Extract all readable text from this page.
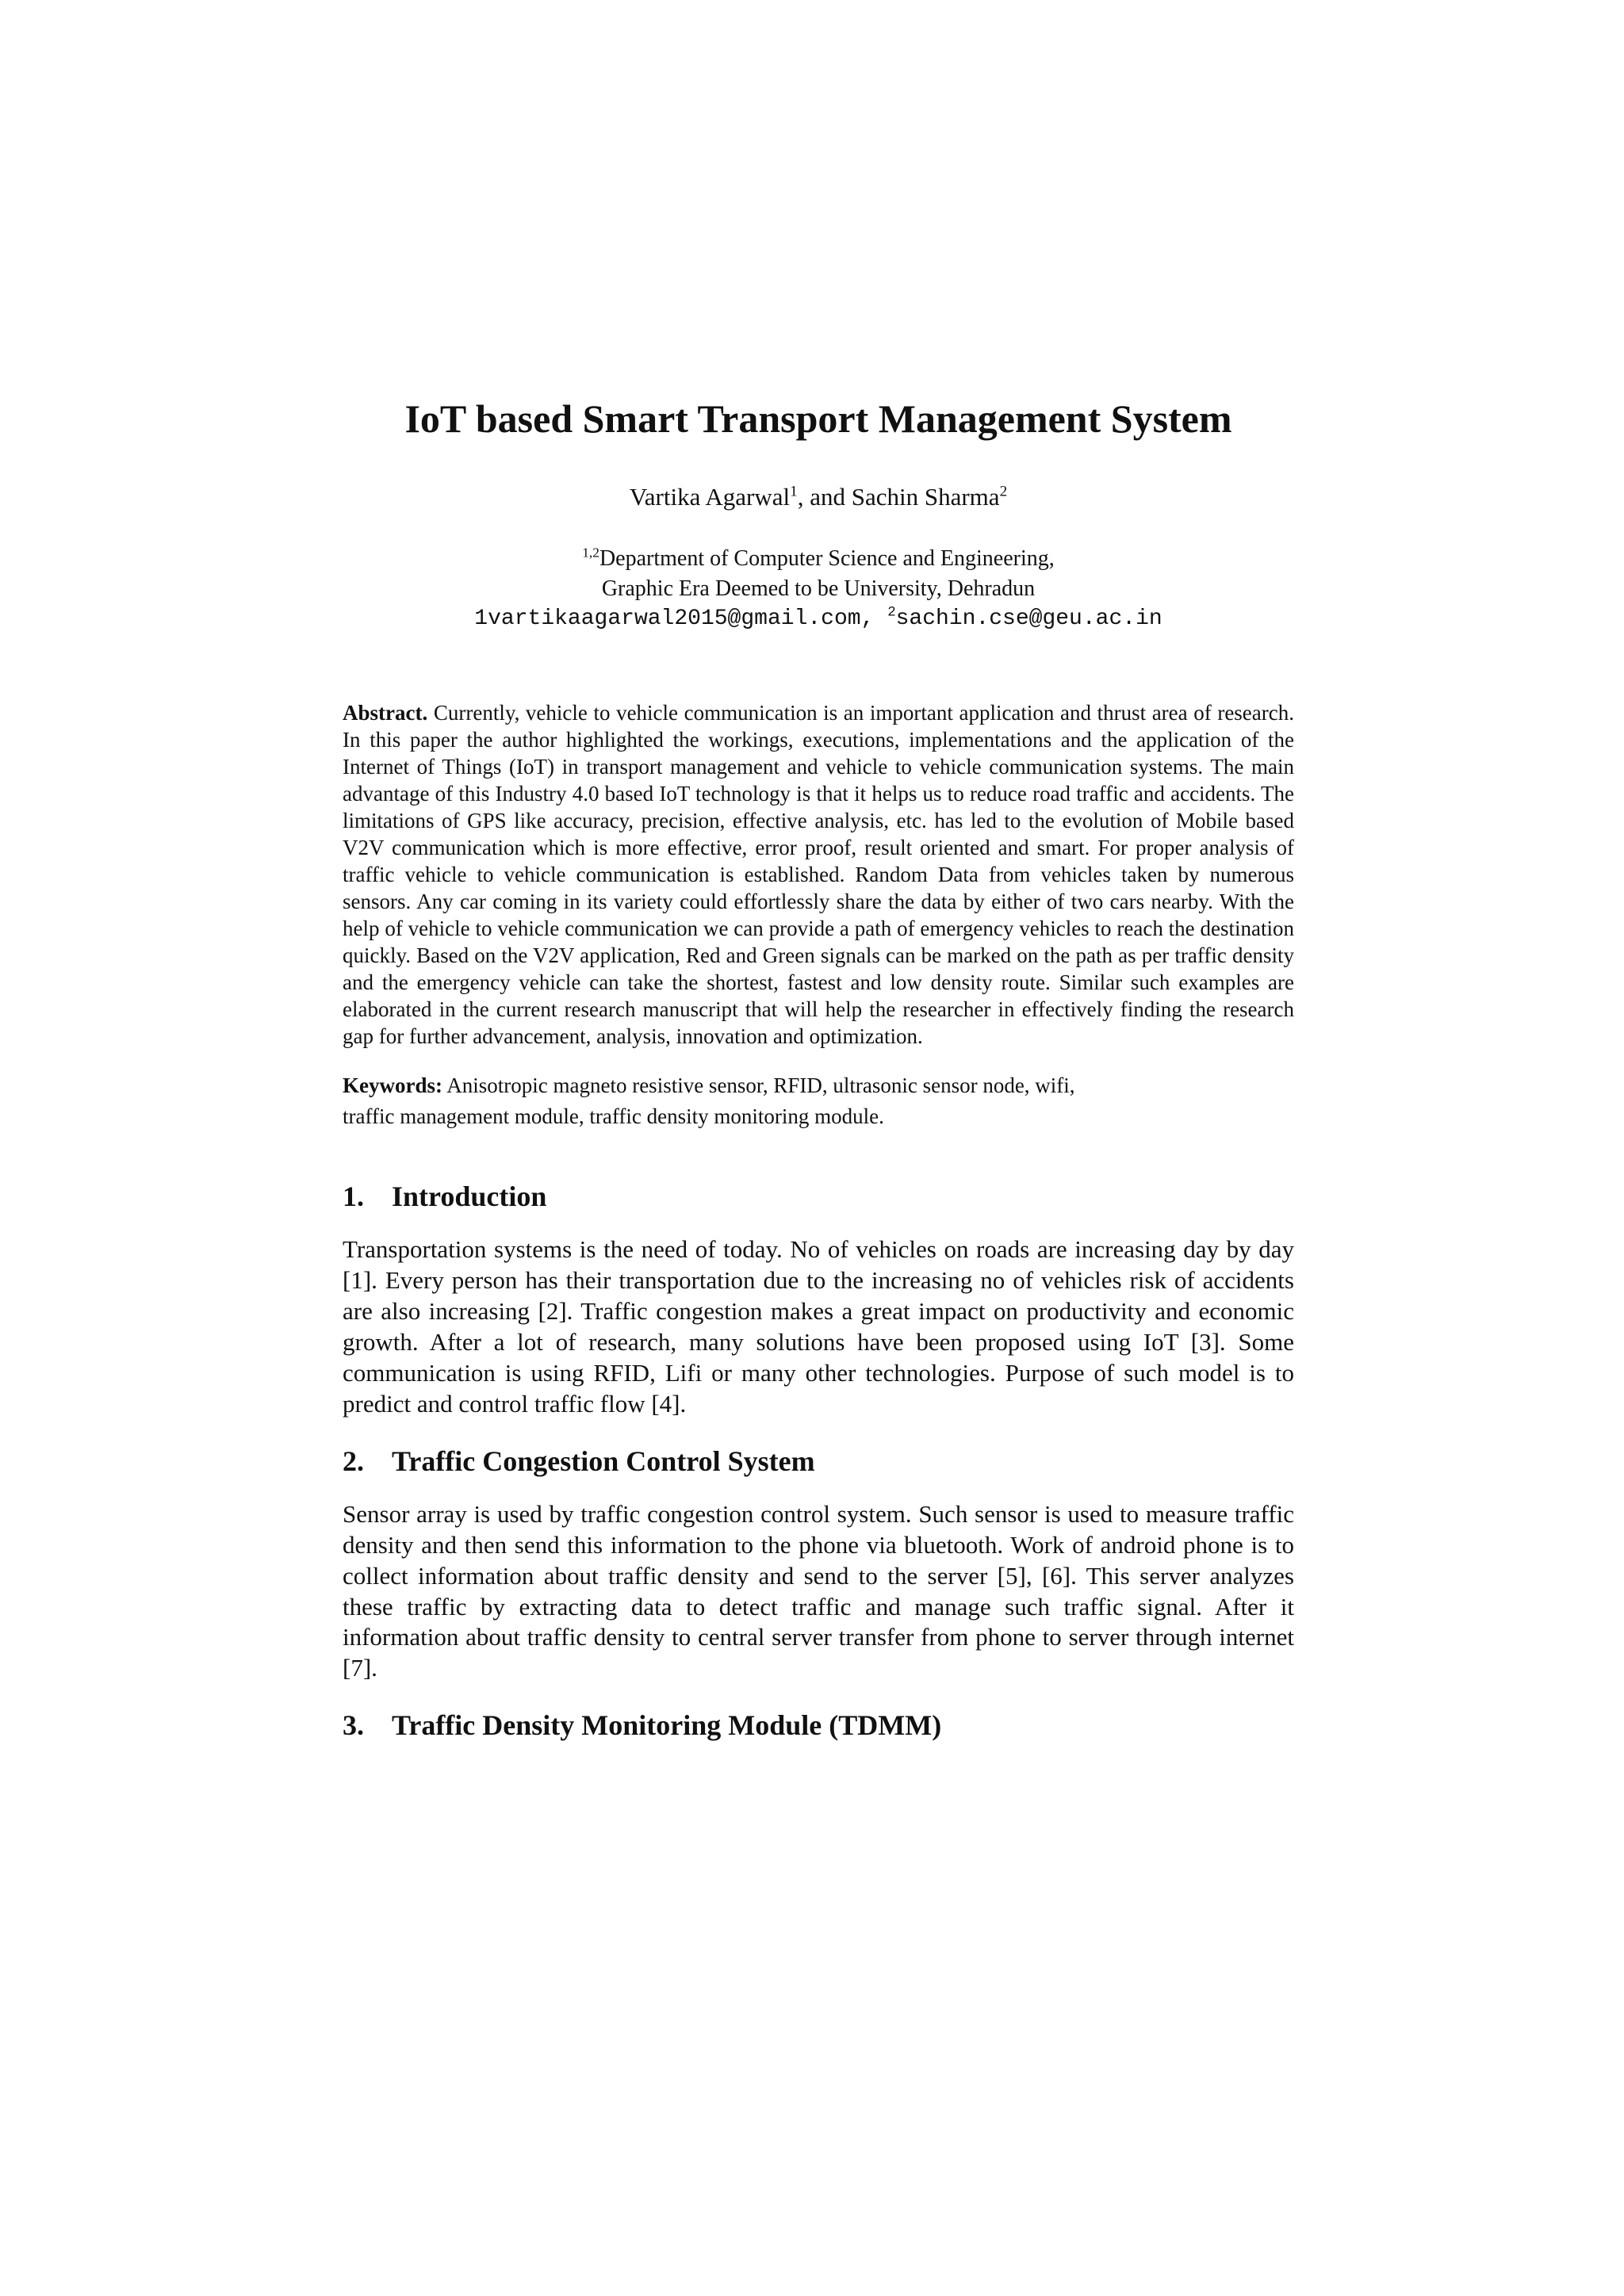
IoT based Smart Transport Management System
Vartika Agarwal$^1$, and Sachin Sharma$^2$
$^{1,2}$Department of Computer Science and Engineering,
Graphic Era Deemed to be University, Dehradun
1vartikaagarwal2015@gmail.com, $^2$sachin.cse@geu.ac.in
Abstract. Currently, vehicle to vehicle communication is an important application and thrust area of research. In this paper the author highlighted the workings, executions, implementations and the application of the Internet of Things (IoT) in transport management and vehicle to vehicle communication systems. The main advantage of this Industry 4.0 based IoT technology is that it helps us to reduce road traffic and accidents. The limitations of GPS like accuracy, precision, effective analysis, etc. has led to the evolution of Mobile based V2V communication which is more effective, error proof, result oriented and smart. For proper analysis of traffic vehicle to vehicle communication is established. Random Data from vehicles taken by numerous sensors. Any car coming in its variety could effortlessly share the data by either of two cars nearby. With the help of vehicle to vehicle communication we can provide a path of emergency vehicles to reach the destination quickly. Based on the V2V application, Red and Green signals can be marked on the path as per traffic density and the emergency vehicle can take the shortest, fastest and low density route. Similar such examples are elaborated in the current research manuscript that will help the researcher in effectively finding the research gap for further advancement, analysis, innovation and optimization.
Keywords: Anisotropic magneto resistive sensor, RFID, ultrasonic sensor node, wifi,
traffic management module, traffic density monitoring module.
1. Introduction

Transportation systems is the need of today. No of vehicles on roads are increasing day by day [1]. Every person has their transportation due to the increasing no of vehicles risk of accidents are also increasing [2]. Traffic congestion makes a great impact on productivity and economic growth. After a lot of research, many solutions have been proposed using IoT [3]. Some communication is using RFID, Lifi or many other technologies. Purpose of such model is to predict and control traffic flow [4].

2. Traffic Congestion Control System

Sensor array is used by traffic congestion control system. Such sensor is used to measure traffic density and then send this information to the phone via bluetooth. Work of android phone is to collect information about traffic density and send to the server [5], [6]. This server analyzes these traffic by extracting data to detect traffic and manage such traffic signal. After it information about traffic density to central server transfer from phone to server through internet [7].

3. Traffic Density Monitoring Module (TDMM)
